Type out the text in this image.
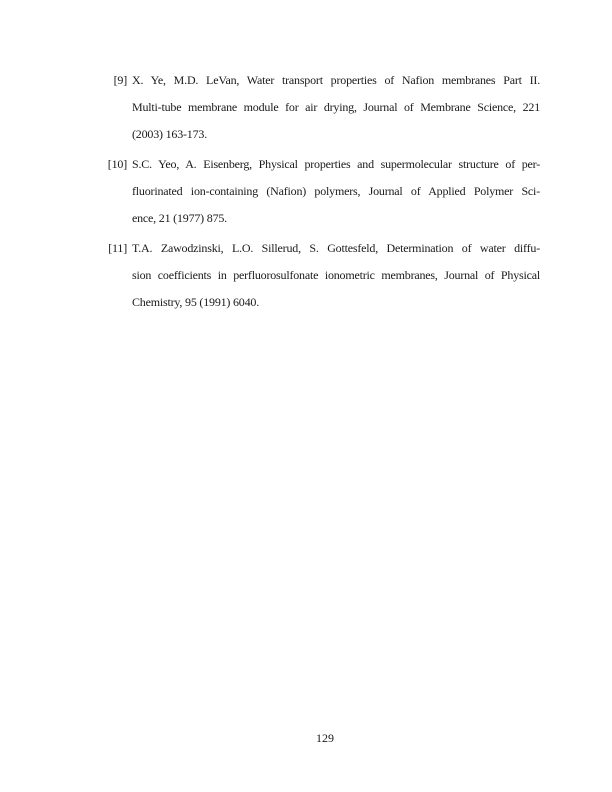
[9] X. Ye, M.D. LeVan, Water transport properties of Nafion membranes Part II.
Multi-tube membrane module for air drying, Journal of Membrane Science, 221
(2003) 163-173.
[10] S.C. Yeo, A. Eisenberg, Physical properties and supermolecular structure of per-
fluorinated ion-containing (Nafion) polymers, Journal of Applied Polymer Sci-
ence, 21 (1977) 875.
[11] T.A. Zawodzinski, L.O. Sillerud, S. Gottesfeld, Determination of water diffu-
sion coefficients in perfluorosulfonate ionometric membranes, Journal of Physical
Chemistry, 95 (1991) 6040.
129
